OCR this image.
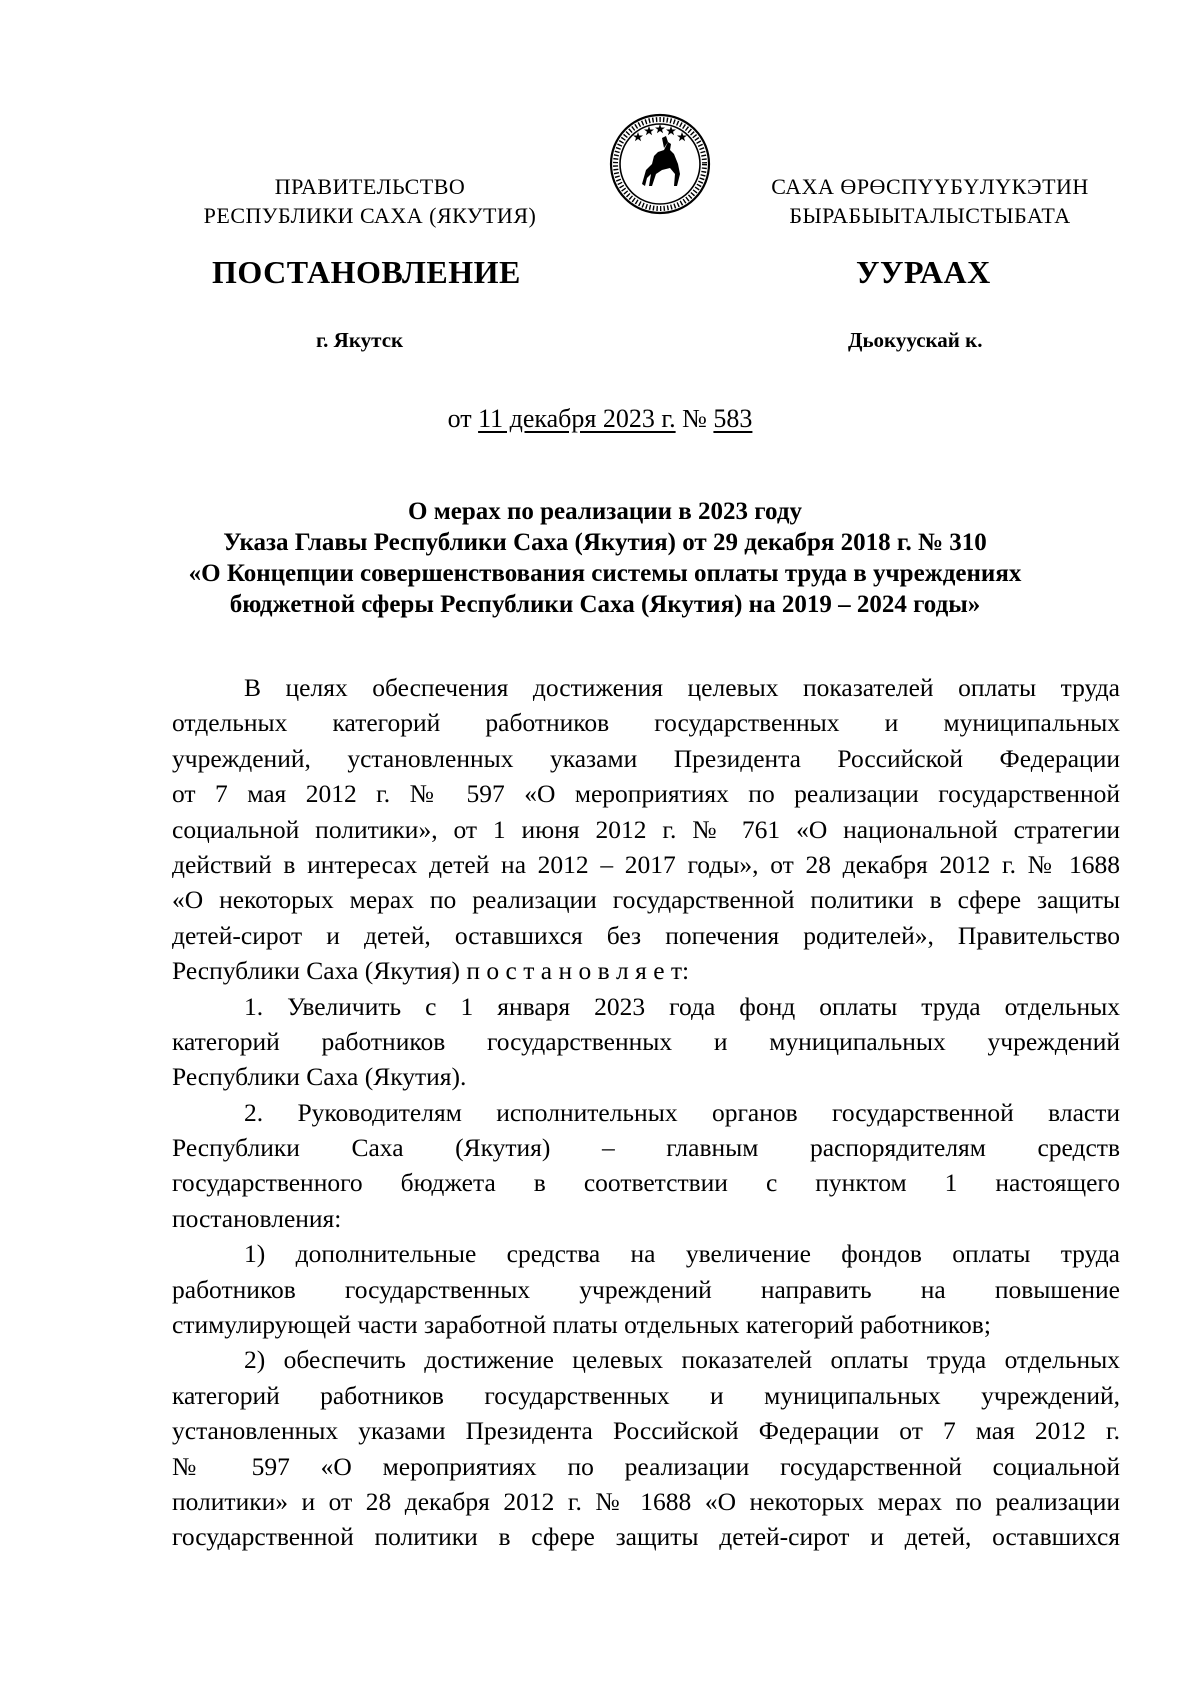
ПРАВИТЕЛЬСТВО
РЕСПУБЛИКИ САХА (ЯКУТИЯ)
САХА ӨРӨСПҮҮБҮЛҮКЭТИН
БЫРАБЫЫТАЛЫСТЫБАТА
ПОСТАНОВЛЕНИЕ	УУРААХ
г. Якутск	Дьокуускай к.
от 11 декабря 2023 г. № 583
О мерах по реализации в 2023 году
Указа Главы Республики Саха (Якутия) от 29 декабря 2018 г. № 310
«О Концепции совершенствования системы оплаты труда в учреждениях
бюджетной сферы Республики Саха (Якутия) на 2019 – 2024 годы»
В целях обеспечения достижения целевых показателей оплаты труда
отдельных категорий работников государственных и муниципальных
учреждений, установленных указами Президента Российской Федерации
от 7 мая 2012 г. № 597 «О мероприятиях по реализации государственной
социальной политики», от 1 июня 2012 г. № 761 «О национальной стратегии
действий в интересах детей на 2012 – 2017 годы», от 28 декабря 2012 г. № 1688
«О некоторых мерах по реализации государственной политики в сфере защиты
детей-сирот и детей, оставшихся без попечения родителей», Правительство
Республики Саха (Якутия) п о с т а н о в л я е т:
1. Увеличить с 1 января 2023 года фонд оплаты труда отдельных
категорий работников государственных и муниципальных учреждений
Республики Саха (Якутия).
2. Руководителям исполнительных органов государственной власти
Республики Саха (Якутия) – главным распорядителям средств
государственного бюджета в соответствии с пунктом 1 настоящего
постановления:
1) дополнительные средства на увеличение фондов оплаты труда
работников государственных учреждений направить на повышение
стимулирующей части заработной платы отдельных категорий работников;
2) обеспечить достижение целевых показателей оплаты труда отдельных
категорий работников государственных и муниципальных учреждений,
установленных указами Президента Российской Федерации от 7 мая 2012 г.
№ 597 «О мероприятиях по реализации государственной социальной
политики» и от 28 декабря 2012 г. № 1688 «О некоторых мерах по реализации
государственной политики в сфере защиты детей-сирот и детей, оставшихся
